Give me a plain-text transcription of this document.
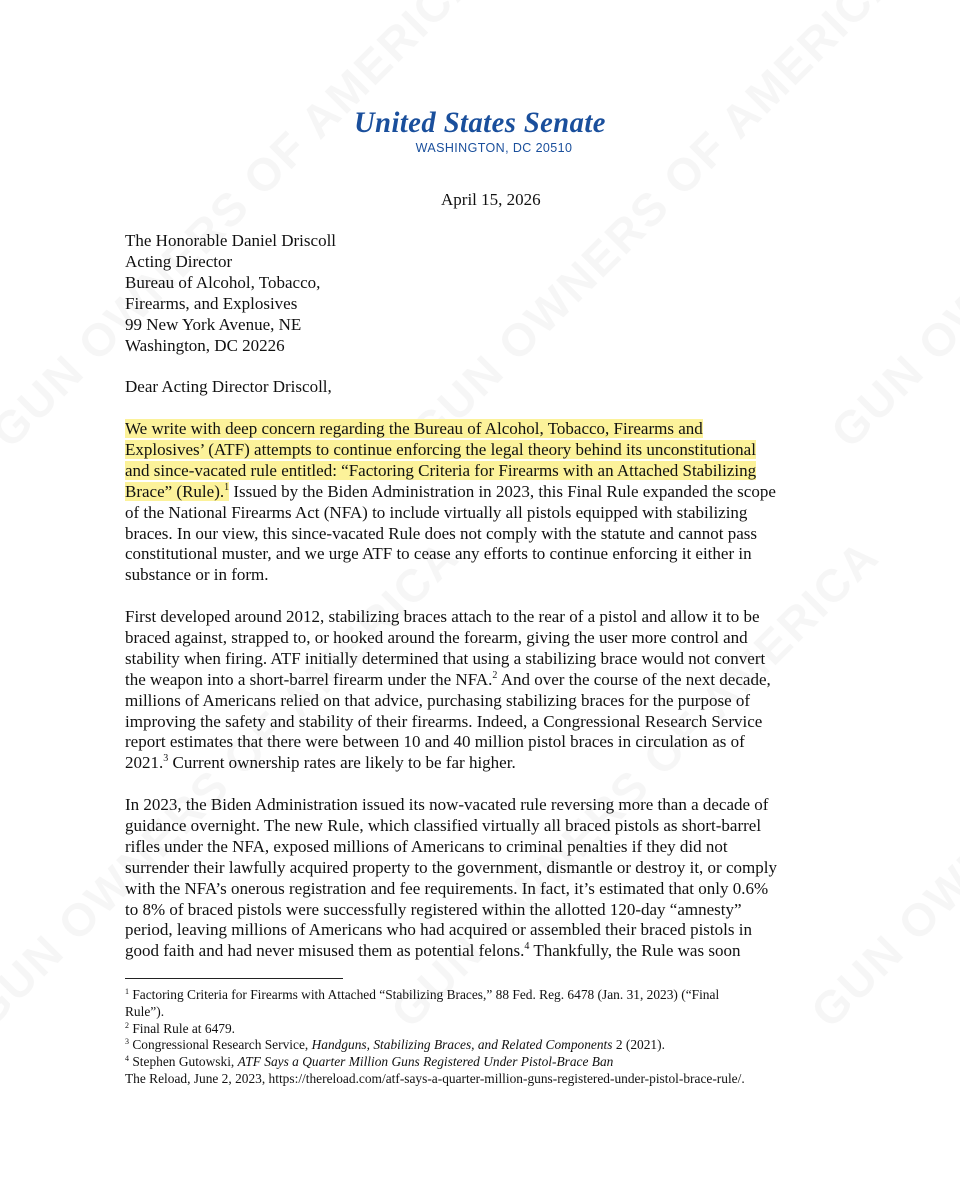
United States Senate
WASHINGTON, DC 20510
April 15, 2026
The Honorable Daniel Driscoll
Acting Director
Bureau of Alcohol, Tobacco,
Firearms, and Explosives
99 New York Avenue, NE
Washington, DC 20226
Dear Acting Director Driscoll,
We write with deep concern regarding the Bureau of Alcohol, Tobacco, Firearms and
Explosives’ (ATF) attempts to continue enforcing the legal theory behind its unconstitutional
and since-vacated rule entitled: “Factoring Criteria for Firearms with an Attached Stabilizing
Brace” (Rule).$^1$ Issued by the Biden Administration in 2023, this Final Rule expanded the scope
of the National Firearms Act (NFA) to include virtually all pistols equipped with stabilizing
braces. In our view, this since-vacated Rule does not comply with the statute and cannot pass
constitutional muster, and we urge ATF to cease any efforts to continue enforcing it either in
substance or in form.
First developed around 2012, stabilizing braces attach to the rear of a pistol and allow it to be
braced against, strapped to, or hooked around the forearm, giving the user more control and
stability when firing. ATF initially determined that using a stabilizing brace would not convert
the weapon into a short-barrel firearm under the NFA.$^2$ And over the course of the next decade,
millions of Americans relied on that advice, purchasing stabilizing braces for the purpose of
improving the safety and stability of their firearms. Indeed, a Congressional Research Service
report estimates that there were between 10 and 40 million pistol braces in circulation as of
2021.$^3$ Current ownership rates are likely to be far higher.
In 2023, the Biden Administration issued its now-vacated rule reversing more than a decade of
guidance overnight. The new Rule, which classified virtually all braced pistols as short-barrel
rifles under the NFA, exposed millions of Americans to criminal penalties if they did not
surrender their lawfully acquired property to the government, dismantle or destroy it, or comply
with the NFA’s onerous registration and fee requirements. In fact, it’s estimated that only 0.6%
to 8% of braced pistols were successfully registered within the allotted 120-day “amnesty”
period, leaving millions of Americans who had acquired or assembled their braced pistols in
good faith and had never misused them as potential felons.$^4$ Thankfully, the Rule was soon
$^1$ Factoring Criteria for Firearms with Attached “Stabilizing Braces,” 88 Fed. Reg. 6478 (Jan. 31, 2023) (“Final
Rule”).
$^2$ Final Rule at 6479.
$^3$ Congressional Research Service, Handguns, Stabilizing Braces, and Related Components 2 (2021).
$^4$ Stephen Gutowski, ATF Says a Quarter Million Guns Registered Under Pistol-Brace Ban
The Reload, June 2, 2023, https://thereload.com/atf-says-a-quarter-million-guns-registered-under-pistol-brace-rule/.
